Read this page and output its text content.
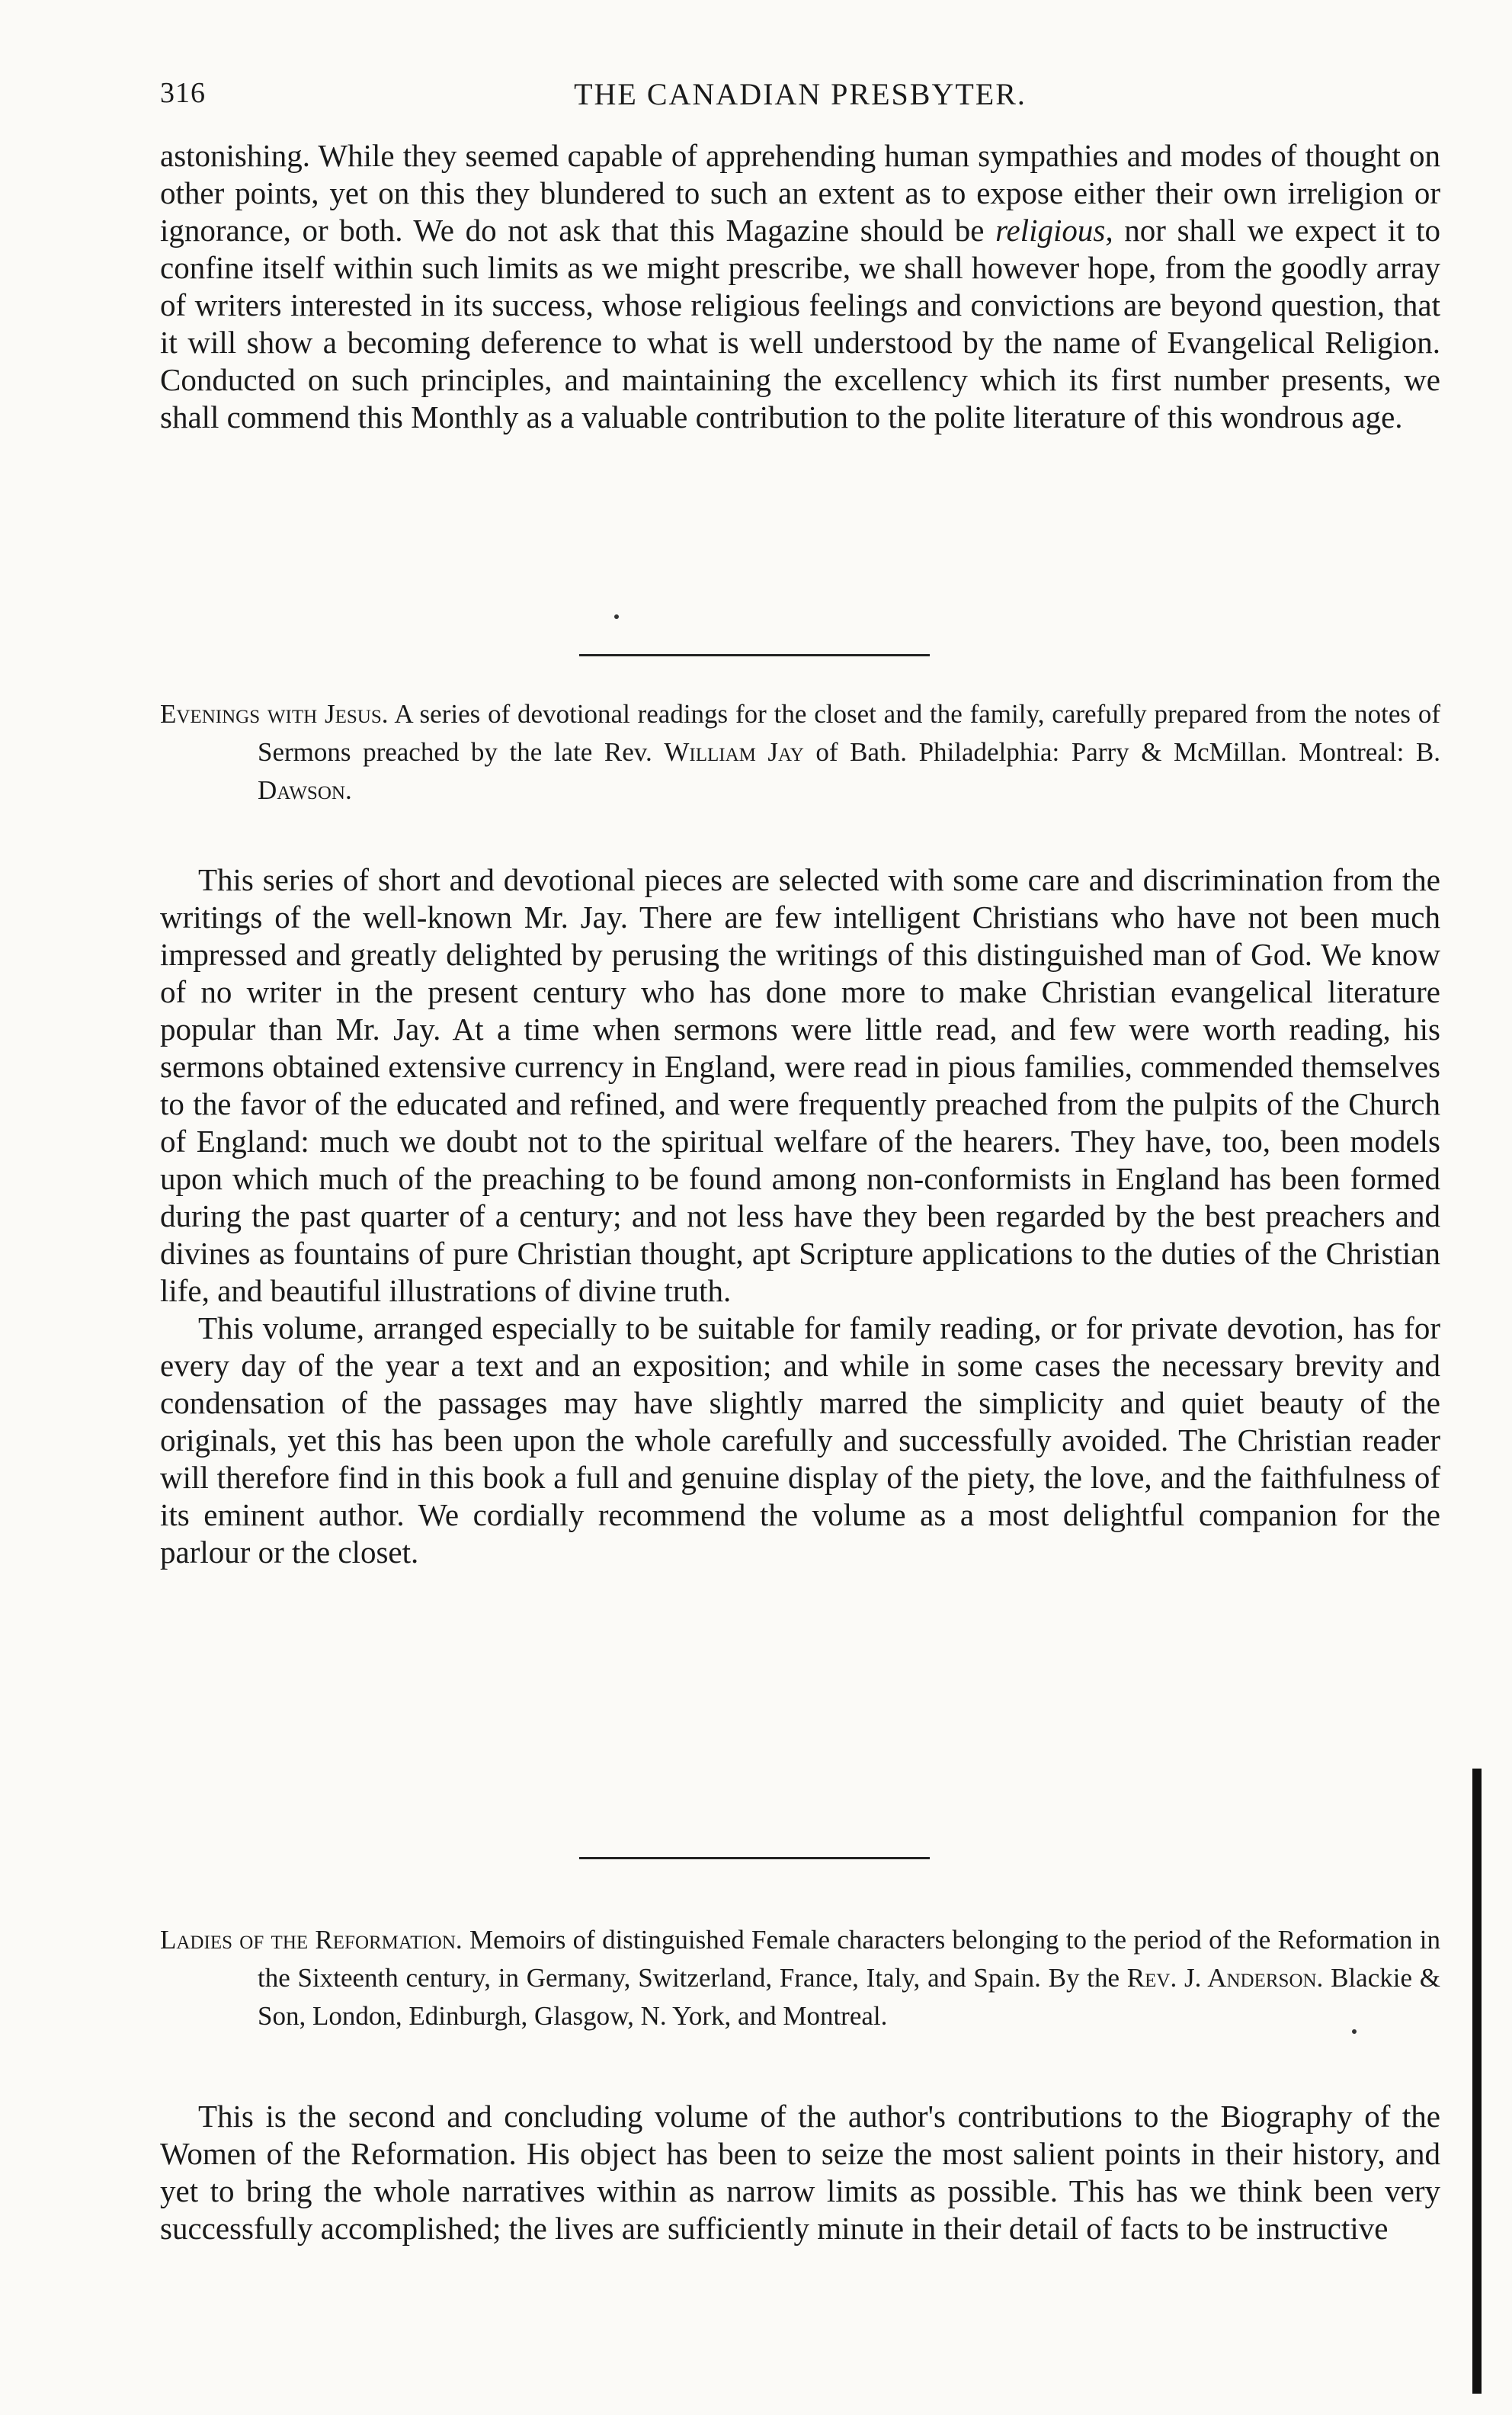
316	THE CANADIAN PRESBYTER.

astonishing. While they seemed capable of apprehending human sympathies and modes of thought on other points, yet on this they blundered to such an extent as to expose either their own irreligion or ignorance, or both. We do not ask that this Magazine should be religious, nor shall we expect it to confine itself within such limits as we might prescribe, we shall however hope, from the goodly array of writers interested in its success, whose religious feelings and convictions are beyond question, that it will show a becoming deference to what is well understood by the name of Evangelical Religion. Conducted on such principles, and maintaining the excellency which its first number presents, we shall commend this Monthly as a valuable contribution to the polite literature of this wondrous age.

Evenings with Jesus. A series of devotional readings for the closet and the family, carefully prepared from the notes of Sermons preached by the late Rev. William Jay of Bath. Philadelphia: Parry & McMillan. Montreal: B. Dawson.

This series of short and devotional pieces are selected with some care and discrimination from the writings of the well-known Mr. Jay. There are few intelligent Christians who have not been much impressed and greatly delighted by perusing the writings of this distinguished man of God. We know of no writer in the present century who has done more to make Christian evangelical literature popular than Mr. Jay. At a time when sermons were little read, and few were worth reading, his sermons obtained extensive currency in England, were read in pious families, commended themselves to the favor of the educated and refined, and were frequently preached from the pulpits of the Church of England: much we doubt not to the spiritual welfare of the hearers. They have, too, been models upon which much of the preaching to be found among non-conformists in England has been formed during the past quarter of a century; and not less have they been regarded by the best preachers and divines as fountains of pure Christian thought, apt Scripture applications to the duties of the Christian life, and beautiful illustrations of divine truth.

This volume, arranged especially to be suitable for family reading, or for private devotion, has for every day of the year a text and an exposition; and while in some cases the necessary brevity and condensation of the passages may have slightly marred the simplicity and quiet beauty of the originals, yet this has been upon the whole carefully and successfully avoided. The Christian reader will therefore find in this book a full and genuine display of the piety, the love, and the faithfulness of its eminent author. We cordially recommend the volume as a most delightful companion for the parlour or the closet.

Ladies of the Reformation. Memoirs of distinguished Female characters belonging to the period of the Reformation in the Sixteenth century, in Germany, Switzerland, France, Italy, and Spain. By the Rev. J. Anderson. Blackie & Son, London, Edinburgh, Glasgow, N. York, and Montreal.

This is the second and concluding volume of the author's contributions to the Biography of the Women of the Reformation. His object has been to seize the most salient points in their history, and yet to bring the whole narratives within as narrow limits as possible. This has we think been very successfully accomplished; the lives are sufficiently minute in their detail of facts to be instructive
